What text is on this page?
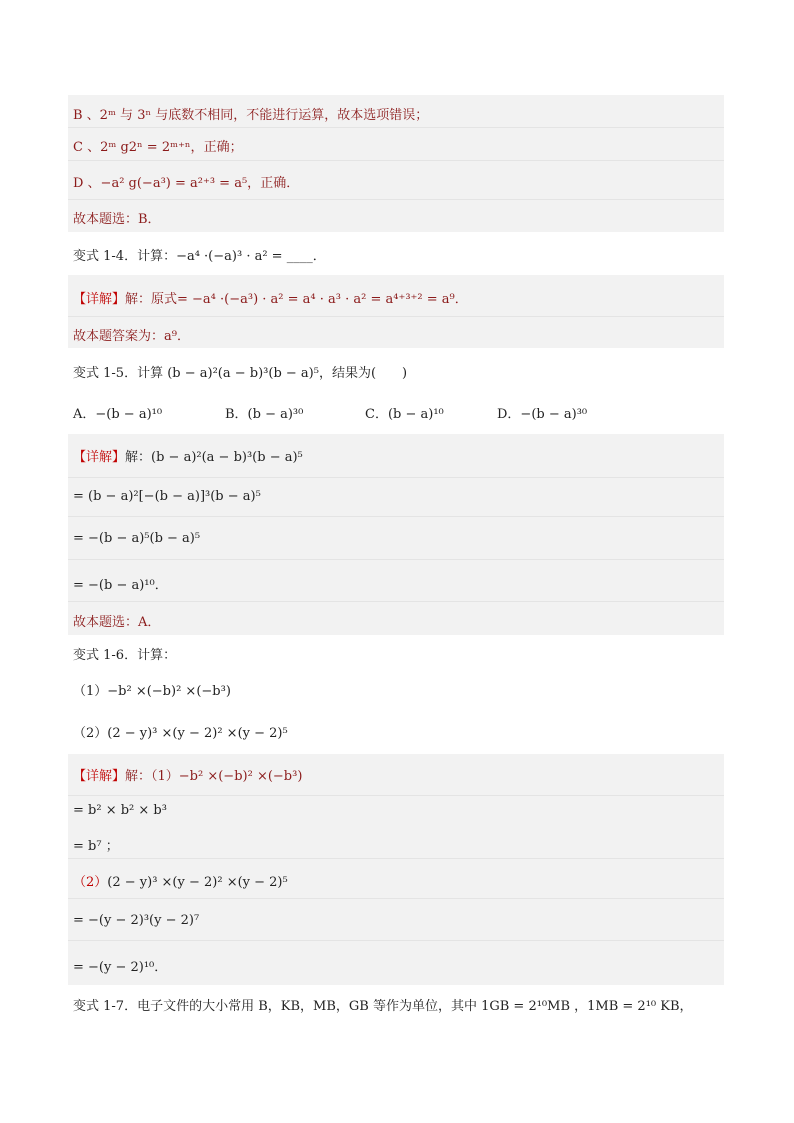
B 、2ᵐ 与 3ⁿ 与底数不相同，不能进行运算，故本选项错误；
C 、2ᵐ g2ⁿ = 2ᵐ⁺ⁿ，正确；
D 、−a² g(−a³) = a²⁺³ = a⁵，正确．
故本题选：B．
变式 1-4．计算：−a⁴ ·(−a)³ · a² = ____．
【详解】解：原式= −a⁴ ·(−a³) · a² = a⁴ · a³ · a² = a⁴⁺³⁺² = a⁹．
故本题答案为：a⁹．
变式 1-5．计算 (b − a)²(a − b)³(b − a)⁵，结果为(　　)
A．−(b − a)¹⁰	B．(b − a)³⁰	C．(b − a)¹⁰	D．−(b − a)³⁰
【详解】解：(b − a)²(a − b)³(b − a)⁵
= (b − a)²[−(b − a)]³(b − a)⁵
= −(b − a)⁵(b − a)⁵
= −(b − a)¹⁰．
故本题选：A．
变式 1-6．计算：
（1）−b² ×(−b)² ×(−b³)
（2）(2 − y)³ ×(y − 2)² ×(y − 2)⁵
【详解】解：（1）−b² ×(−b)² ×(−b³)
= b² × b² × b³
= b⁷ ；
（2）(2 − y)³ ×(y − 2)² ×(y − 2)⁵
= −(y − 2)³(y − 2)⁷
= −(y − 2)¹⁰．
变式 1-7．电子文件的大小常用 B，KB，MB，GB 等作为单位，其中 1GB = 2¹⁰MB ，1MB = 2¹⁰ KB，
